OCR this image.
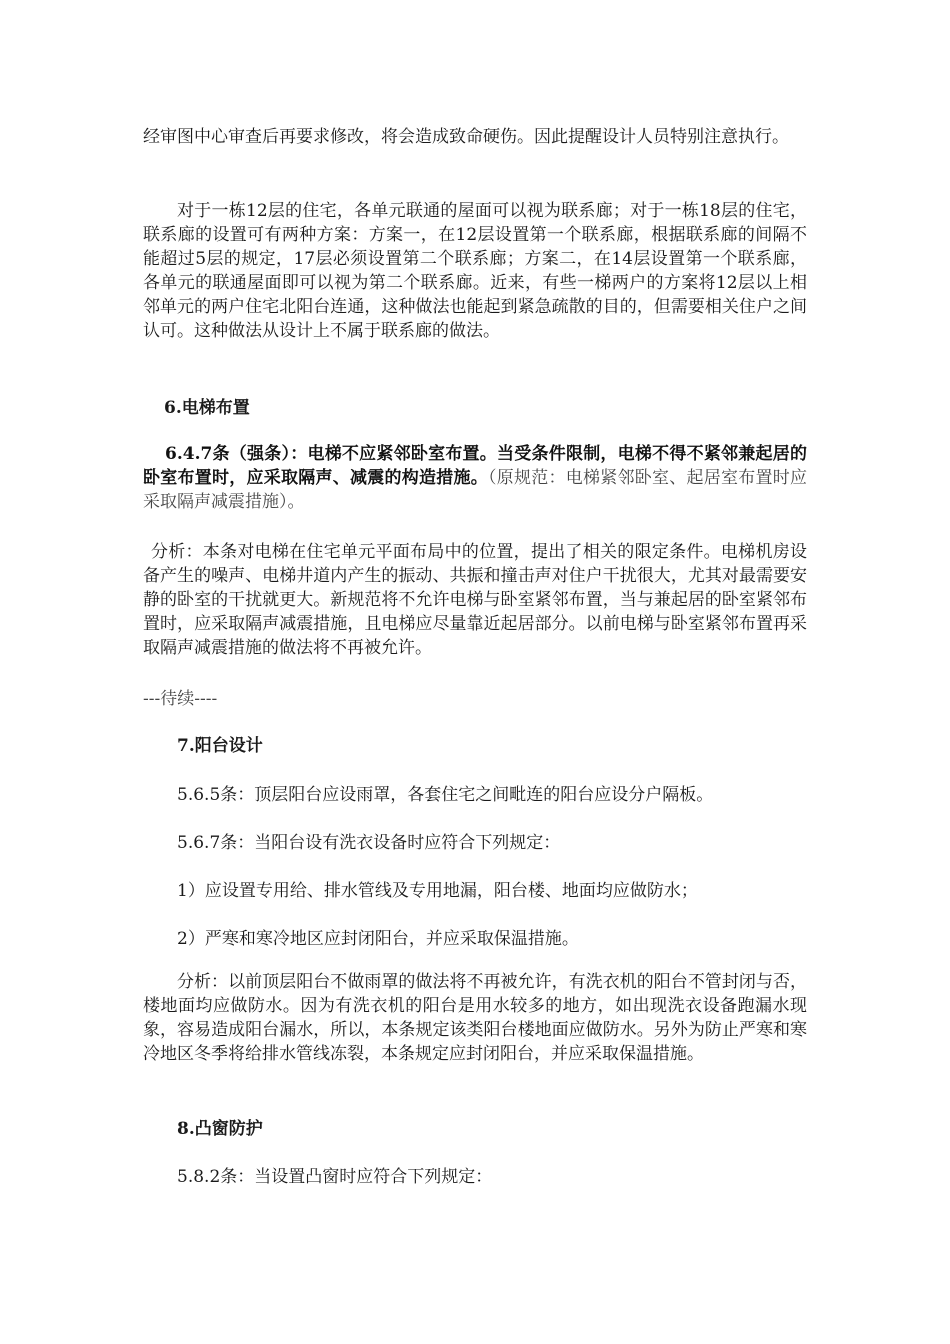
经审图中心审查后再要求修改，将会造成致命硬伤。因此提醒设计人员特别注意执行。

对于一栋12层的住宅，各单元联通的屋面可以视为联系廊；对于一栋18层的住宅，联系廊的设置可有两种方案：方案一，在12层设置第一个联系廊，根据联系廊的间隔不能超过5层的规定，17层必须设置第二个联系廊；方案二，在14层设置第一个联系廊，各单元的联通屋面即可以视为第二个联系廊。近来，有些一梯两户的方案将12层以上相邻单元的两户住宅北阳台连通，这种做法也能起到紧急疏散的目的，但需要相关住户之间认可。这种做法从设计上不属于联系廊的做法。

6.电梯布置

6.4.7条（强条）：电梯不应紧邻卧室布置。当受条件限制，电梯不得不紧邻兼起居的卧室布置时，应采取隔声、减震的构造措施。（原规范：电梯紧邻卧室、起居室布置时应采取隔声减震措施）。

分析：本条对电梯在住宅单元平面布局中的位置，提出了相关的限定条件。电梯机房设备产生的噪声、电梯井道内产生的振动、共振和撞击声对住户干扰很大，尤其对最需要安静的卧室的干扰就更大。新规范将不允许电梯与卧室紧邻布置，当与兼起居的卧室紧邻布置时，应采取隔声减震措施，且电梯应尽量靠近起居部分。以前电梯与卧室紧邻布置再采取隔声减震措施的做法将不再被允许。

---待续----

7.阳台设计

5.6.5条：顶层阳台应设雨罩，各套住宅之间毗连的阳台应设分户隔板。

5.6.7条：当阳台设有洗衣设备时应符合下列规定：

1）应设置专用给、排水管线及专用地漏，阳台楼、地面均应做防水；

2）严寒和寒冷地区应封闭阳台，并应采取保温措施。

分析：以前顶层阳台不做雨罩的做法将不再被允许，有洗衣机的阳台不管封闭与否，楼地面均应做防水。因为有洗衣机的阳台是用水较多的地方，如出现洗衣设备跑漏水现象，容易造成阳台漏水，所以，本条规定该类阳台楼地面应做防水。另外为防止严寒和寒冷地区冬季将给排水管线冻裂，本条规定应封闭阳台，并应采取保温措施。

8.凸窗防护

5.8.2条：当设置凸窗时应符合下列规定：
